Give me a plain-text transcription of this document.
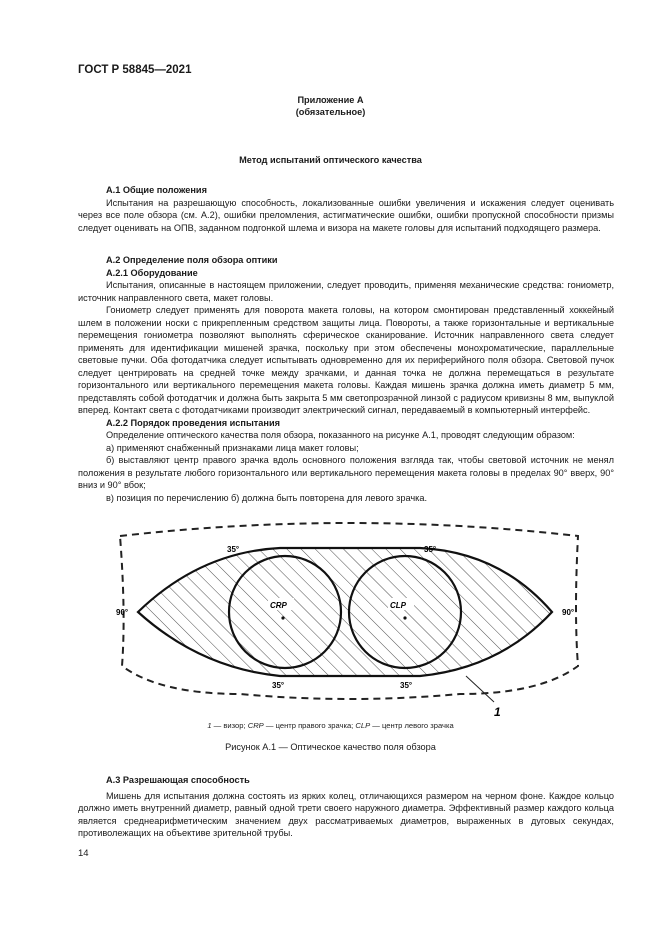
ГОСТ Р 58845—2021
Приложение А
(обязательное)
Метод испытаний оптического качества

А.1 Общие положения

Испытания на разрешающую способность, локализованные ошибки увеличения и искажения следует оценивать через все поле обзора (см. А.2), ошибки преломления, астигматические ошибки, ошибки пропускной способности призмы следует оценивать на ОПВ, заданном подгонкой шлема и визора на макете головы для испытаний подходящего размера.

А.2 Определение поля обзора оптики

А.2.1 Оборудование

Испытания, описанные в настоящем приложении, следует проводить, применяя механические средства: гониометр, источник направленного света, макет головы.

Гониометр следует применять для поворота макета головы, на котором смонтирован представленный хоккейный шлем в положении носки с прикрепленным средством защиты лица. Повороты, а также горизонтальные и вертикальные перемещения гониометра позволяют выполнять сферическое сканирование. Источник направленного света следует применять для идентификации мишеней зрачка, поскольку при этом обеспечены монохроматические, параллельные световые пучки. Оба фотодатчика следует испытывать одновременно для их периферийного поля обзора. Световой пучок следует центрировать на средней точке между зрачками, и данная точка не должна перемещаться в результате горизонтального или вертикального перемещения макета головы. Каждая мишень зрачка должна иметь диаметр 5 мм, представлять собой фотодатчик и должна быть закрыта 5 мм светопрозрачной линзой с радиусом кривизны 8 мм, выпуклой вперед. Контакт света с фотодатчиками производит электрический сигнал, передаваемый в компьютерный интерфейс.

А.2.2 Порядок проведения испытания

Определение оптического качества поля обзора, показанного на рисунке А.1, проводят следующим образом:

а) применяют снабженный признаками лица макет головы;

б) выставляют центр правого зрачка вдоль основного положения взгляда так, чтобы световой источник не менял положения в результате любого горизонтального или вертикального перемещения макета головы в пределах 90° вверх, 90° вниз и 90° вбок;

в) позиция по перечислению б) должна быть повторена для левого зрачка.

35°	35°
90°	90°
35°	35°
CRP	CLP
1
1 — визор; CRP — центр правого зрачка; CLP — центр левого зрачка
Рисунок А.1 — Оптическое качество поля обзора

А.3 Разрешающая способность

Мишень для испытания должна состоять из ярких колец, отличающихся размером на черном фоне. Каждое кольцо должно иметь внутренний диаметр, равный одной трети своего наружного диаметра. Эффективный размер каждого кольца является среднеарифметическим значением двух рассматриваемых диаметров, выраженных в дуговых секундах, противолежащих на объективе зрительной трубы.

14
